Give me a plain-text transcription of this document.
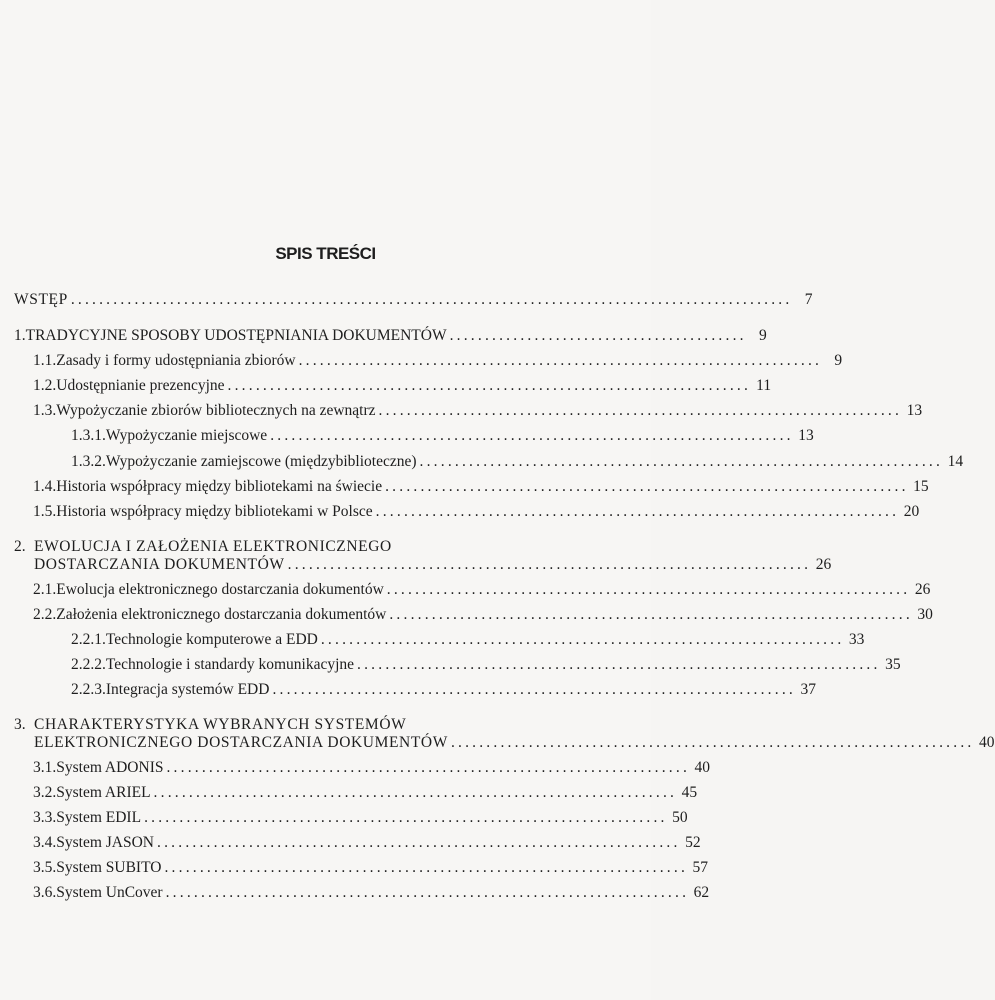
SPIS TREŚCI
WSTĘP ...................................................................................................... 7
1. TRADYCYJNE SPOSOBY UDOSTĘPNIANIA DOKUMENTÓW .......................................... 9
1.1. Zasady i formy udostępniania zbiorów .......................................................................... 9
1.2. Udostępnianie prezencyjne .......................................................................... 11
1.3. Wypożyczanie zbiorów bibliotecznych na zewnątrz .......................................................................... 13
1.3.1. Wypożyczanie miejscowe .......................................................................... 13
1.3.2. Wypożyczanie zamiejscowe (międzybiblioteczne) .......................................................................... 14
1.4. Historia współpracy między bibliotekami na świecie .......................................................................... 15
1.5. Historia współpracy między bibliotekami w Polsce .......................................................................... 20
2. EWOLUCJA I ZAŁOŻENIA ELEKTRONICZNEGO
DOSTARCZANIA DOKUMENTÓW .......................................................................... 26
2.1. Ewolucja elektronicznego dostarczania dokumentów .......................................................................... 26
2.2. Założenia elektronicznego dostarczania dokumentów .......................................................................... 30
2.2.1. Technologie komputerowe a EDD .......................................................................... 33
2.2.2. Technologie i standardy komunikacyjne .......................................................................... 35
2.2.3. Integracja systemów EDD .......................................................................... 37
3. CHARAKTERYSTYKA WYBRANYCH SYSTEMÓW
ELEKTRONICZNEGO DOSTARCZANIA DOKUMENTÓW .......................................................................... 40
3.1. System ADONIS .......................................................................... 40
3.2. System ARIEL .......................................................................... 45
3.3. System EDIL .......................................................................... 50
3.4. System JASON .......................................................................... 52
3.5. System SUBITO .......................................................................... 57
3.6. System UnCover .......................................................................... 62
